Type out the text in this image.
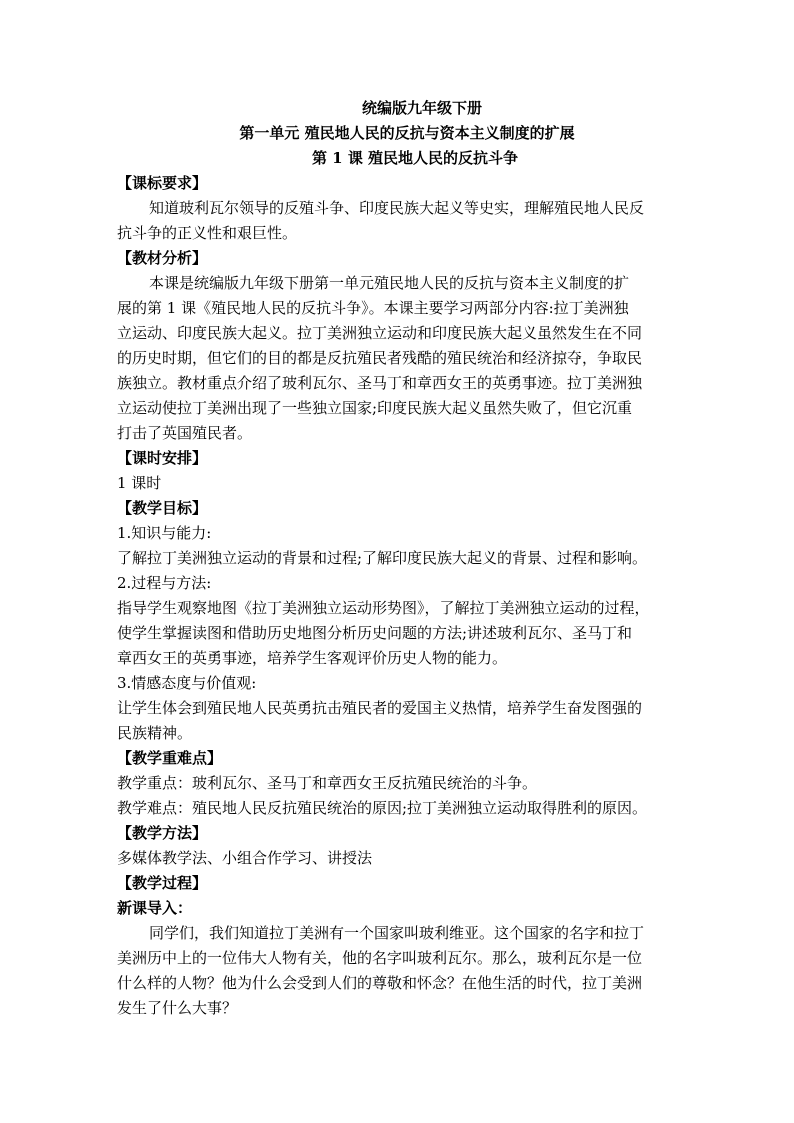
统编版九年级下册
第一单元 殖民地人民的反抗与资本主义制度的扩展
第 1 课 殖民地人民的反抗斗争
【课标要求】
知道玻利瓦尔领导的反殖斗争、印度民族大起义等史实，理解殖民地人民反
抗斗争的正义性和艰巨性。
【教材分析】
本课是统编版九年级下册第一单元殖民地人民的反抗与资本主义制度的扩
展的第 1 课《殖民地人民的反抗斗争》。本课主要学习两部分内容:拉丁美洲独
立运动、印度民族大起义。拉丁美洲独立运动和印度民族大起义虽然发生在不同
的历史时期，但它们的目的都是反抗殖民者残酷的殖民统治和经济掠夺，争取民
族独立。教材重点介绍了玻利瓦尔、圣马丁和章西女王的英勇事迹。拉丁美洲独
立运动使拉丁美洲出现了一些独立国家;印度民族大起义虽然失败了，但它沉重
打击了英国殖民者。
【课时安排】
1 课时
【教学目标】
1.知识与能力:
了解拉丁美洲独立运动的背景和过程;了解印度民族大起义的背景、过程和影响。
2.过程与方法:
指导学生观察地图《拉丁美洲独立运动形势图》，了解拉丁美洲独立运动的过程，
使学生掌握读图和借助历史地图分析历史问题的方法;讲述玻利瓦尔、圣马丁和
章西女王的英勇事迹，培养学生客观评价历史人物的能力。
3.情感态度与价值观:
让学生体会到殖民地人民英勇抗击殖民者的爱国主义热情，培养学生奋发图强的
民族精神。
【教学重难点】
教学重点：玻利瓦尔、圣马丁和章西女王反抗殖民统治的斗争。
教学难点：殖民地人民反抗殖民统治的原因;拉丁美洲独立运动取得胜利的原因。
【教学方法】
多媒体教学法、小组合作学习、讲授法
【教学过程】
新课导入：
同学们，我们知道拉丁美洲有一个国家叫玻利维亚。这个国家的名字和拉丁
美洲历中上的一位伟大人物有关，他的名字叫玻利瓦尔。那么，玻利瓦尔是一位
什么样的人物？他为什么会受到人们的尊敬和怀念？在他生活的时代，拉丁美洲
发生了什么大事？
